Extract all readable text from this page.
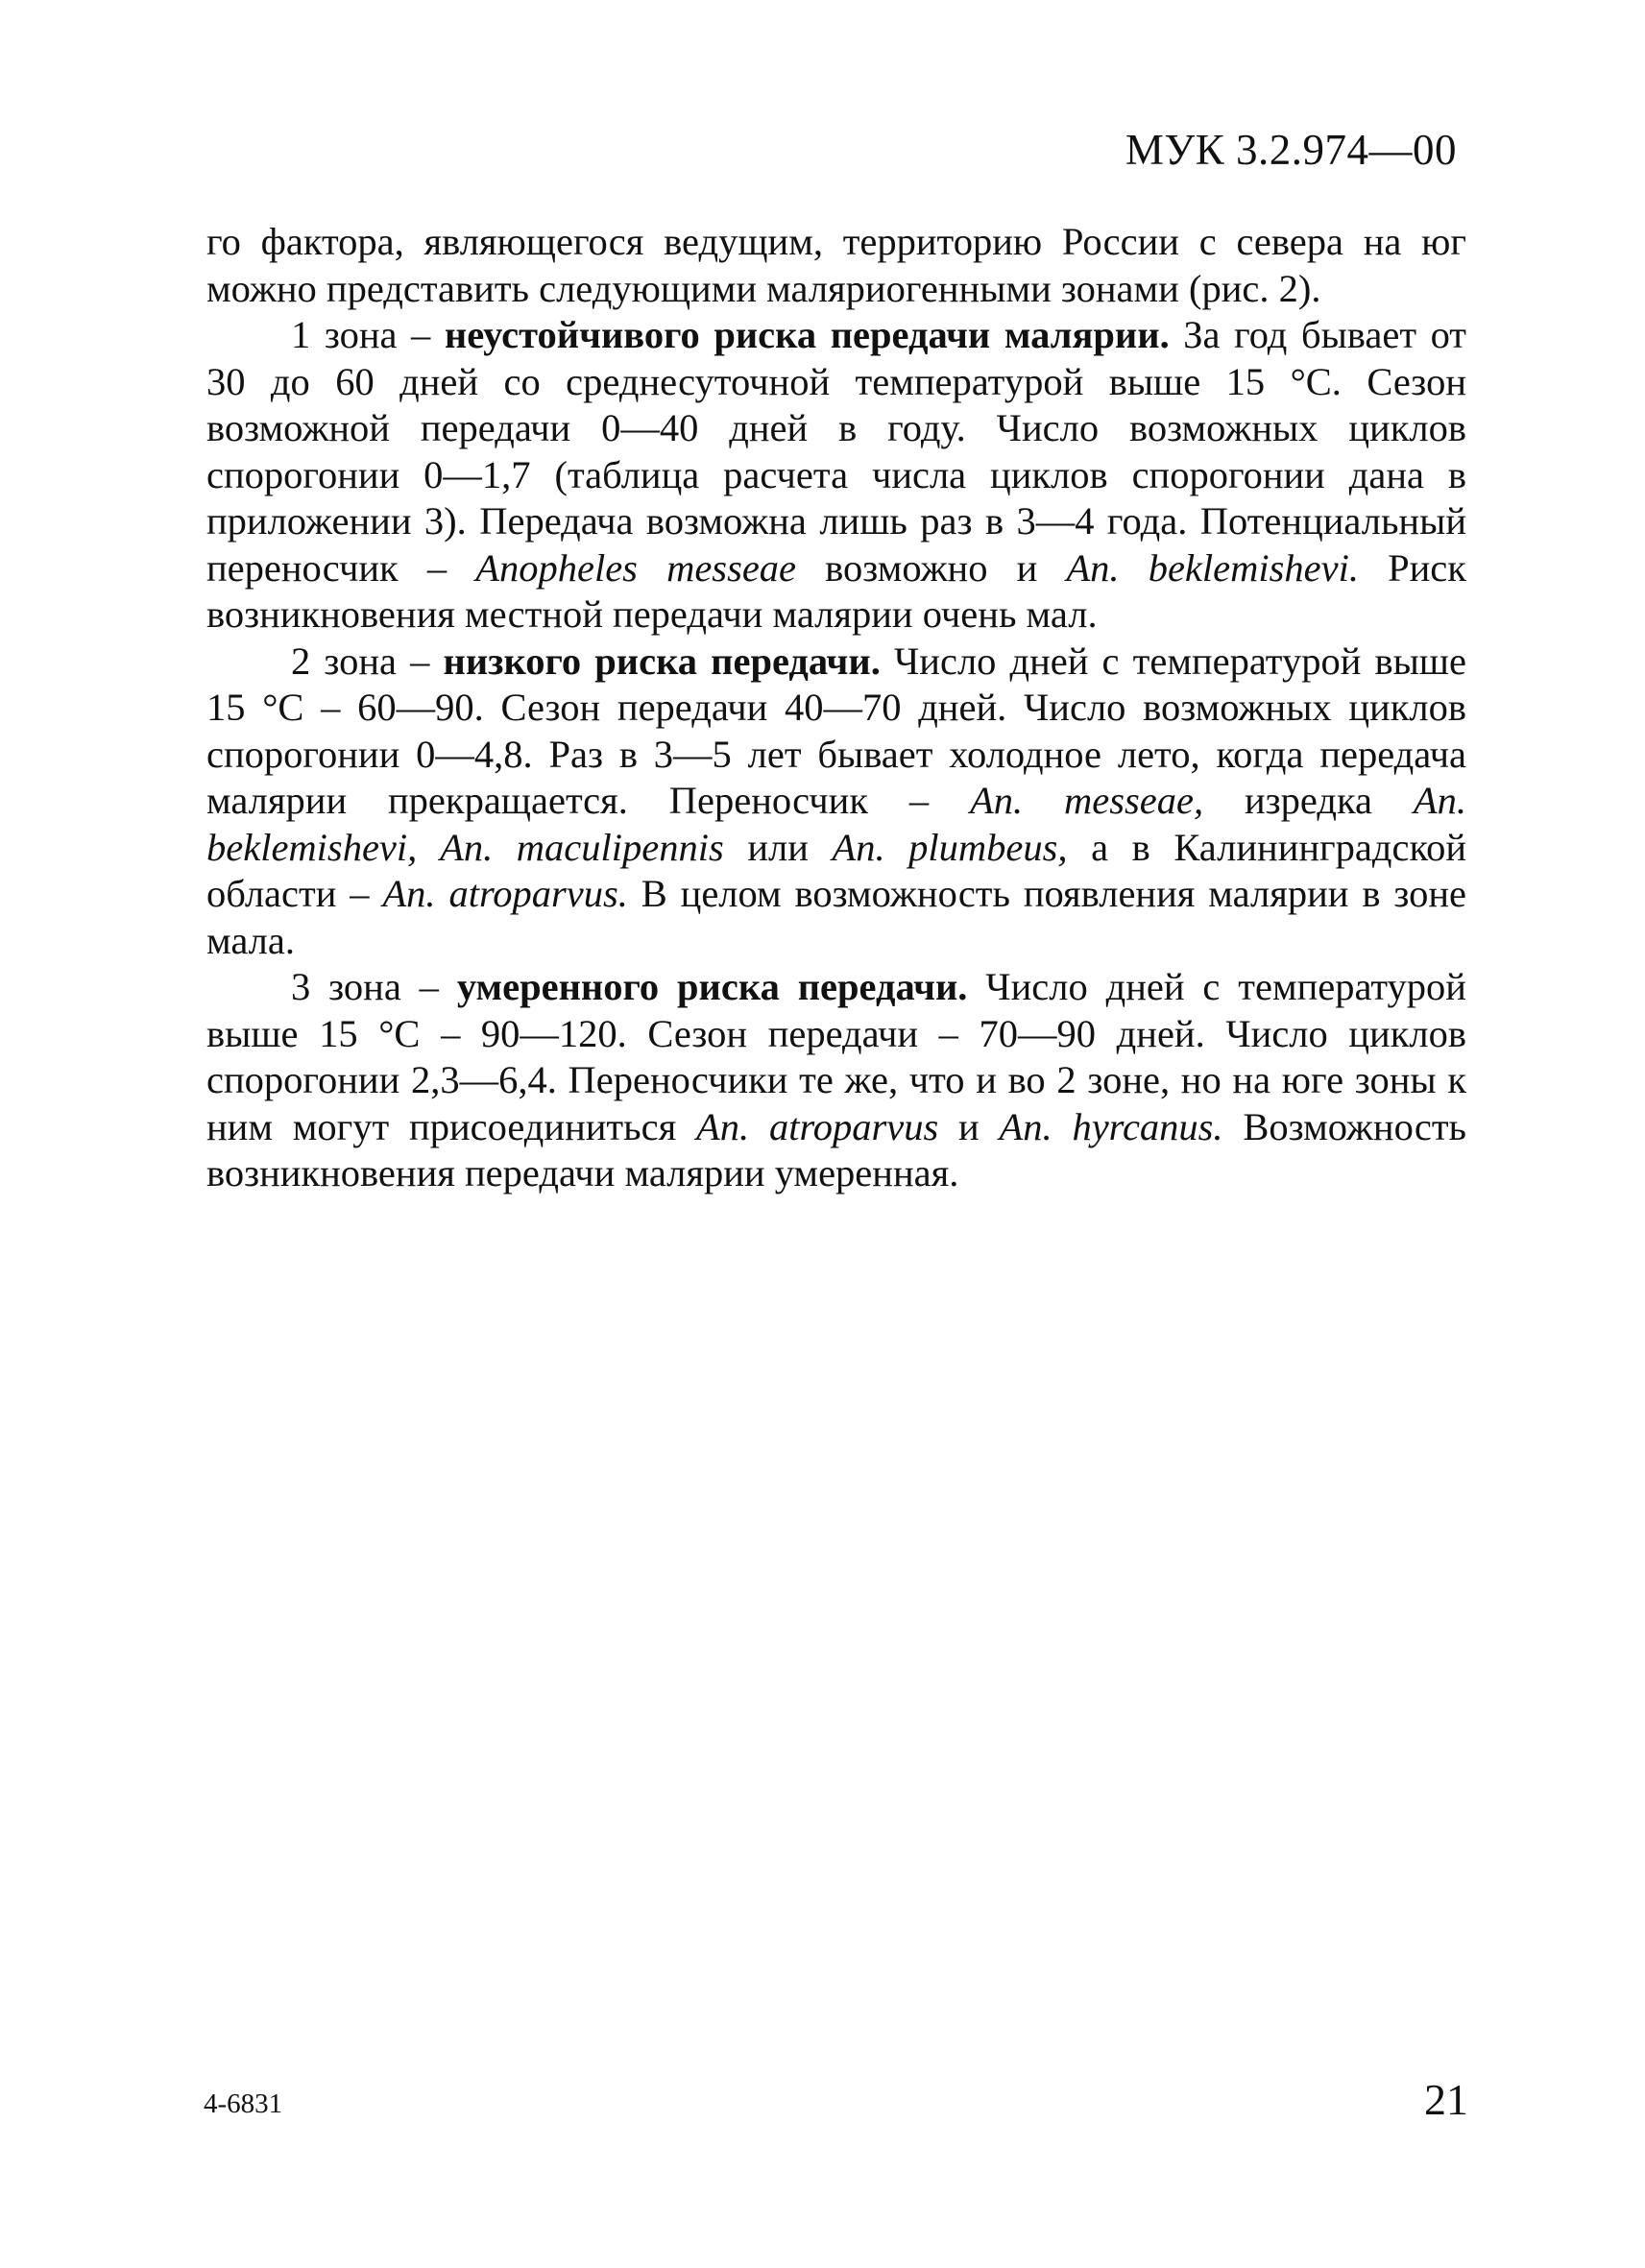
МУК 3.2.974—00

го фактора, являющегося ведущим, территорию России с севера на юг можно представить следующими маляриогенными зонами (рис. 2).

1 зона – неустойчивого риска передачи малярии. За год бывает от 30 до 60 дней со среднесуточной температурой выше 15 °С. Сезон возможной передачи 0—40 дней в году. Число возможных циклов спорогонии 0—1,7 (таблица расчета числа циклов спорогонии дана в приложении 3). Передача возможна лишь раз в 3—4 года. Потенциальный переносчик – Anopheles messeae возможно и An. beklemishevi. Риск возникновения местной передачи малярии очень мал.

2 зона – низкого риска передачи. Число дней с температурой выше 15 °С – 60—90. Сезон передачи 40—70 дней. Число возможных циклов спорогонии 0—4,8. Раз в 3—5 лет бывает холодное лето, когда передача малярии прекращается. Переносчик – An. messeae, изредка An. beklemishevi, An. maculipennis или An. plumbeus, а в Калининградской области – An. atroparvus. В целом возможность появления малярии в зоне мала.

3 зона – умеренного риска передачи. Число дней с температурой выше 15 °С – 90—120. Сезон передачи – 70—90 дней. Число циклов спорогонии 2,3—6,4. Переносчики те же, что и во 2 зоне, но на юге зоны к ним могут присоединиться An. atroparvus и An. hyrcanus. Возможность возникновения передачи малярии умеренная.

4-6831	21
